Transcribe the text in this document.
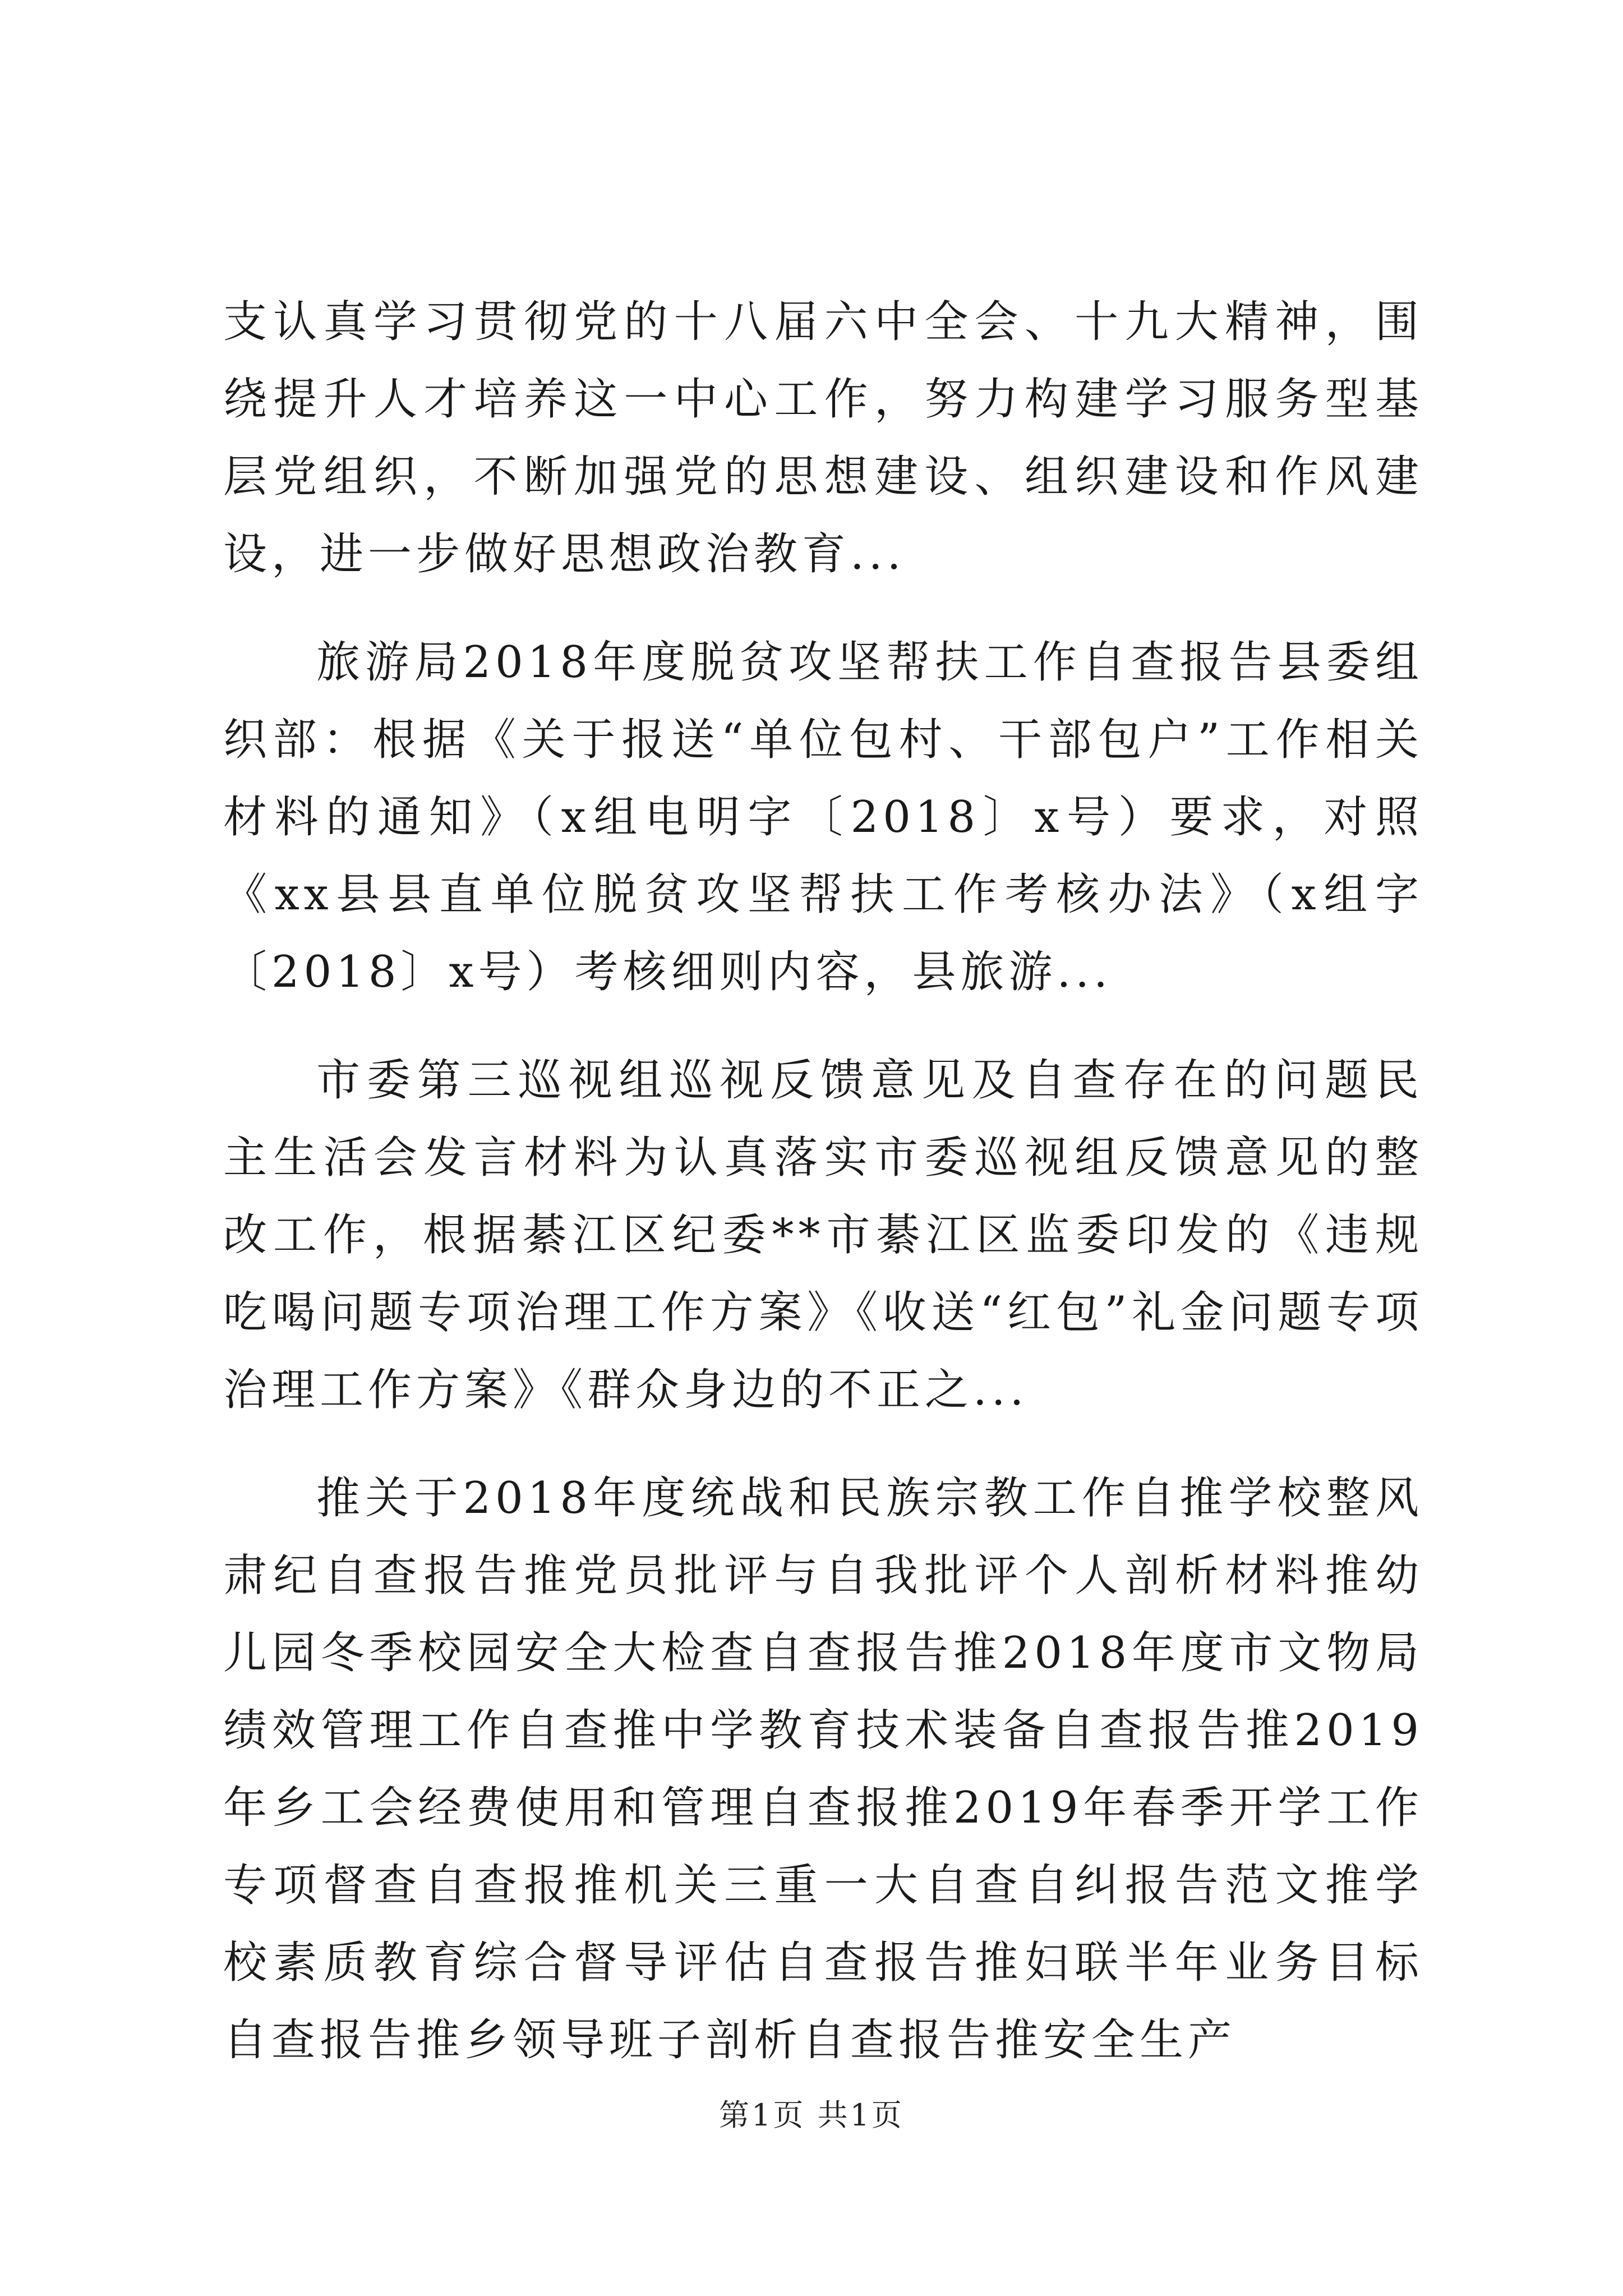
支认真学习贯彻党的十八届六中全会、十九大精神，围绕提升人才培养这一中心工作，努力构建学习服务型基层党组织，不断加强党的思想建设、组织建设和作风建设，进一步做好思想政治教育...

旅游局2018年度脱贫攻坚帮扶工作自查报告县委组织部：根据《关于报送“单位包村、干部包户”工作相关材料的通知》（x组电明字〔2018〕x号）要求，对照《xx县县直单位脱贫攻坚帮扶工作考核办法》（x组字〔2018〕x号）考核细则内容，县旅游...

市委第三巡视组巡视反馈意见及自查存在的问题民主生活会发言材料为认真落实市委巡视组反馈意见的整改工作，根据綦江区纪委**市綦江区监委印发的《违规吃喝问题专项治理工作方案》《收送“红包”礼金问题专项治理工作方案》《群众身边的不正之...

推关于2018年度统战和民族宗教工作自推学校整风肃纪自查报告推党员批评与自我批评个人剖析材料推幼儿园冬季校园安全大检查自查报告推2018年度市文物局绩效管理工作自查推中学教育技术装备自查报告推2019年乡工会经费使用和管理自查报推2019年春季开学工作专项督查自查报推机关三重一大自查自纠报告范文推学校素质教育综合督导评估自查报告推妇联半年业务目标自查报告推乡领导班子剖析自查报告推安全生产

第1页 共1页
